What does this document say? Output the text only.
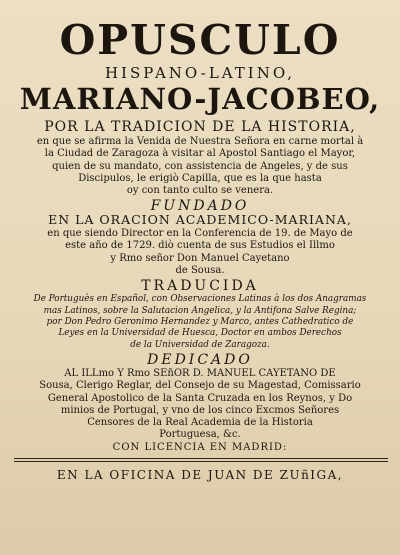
OPUSCULO
HISPANO-LATINO,
MARIANO-JACOBEO,
POR LA TRADICION DE LA HISTORIA,
en que se afirma la Venida de Nuestra Señora en carne mortal à
la Ciudad de Zaragoza à visitar al Apostol Santiago el Mayor,
quien de su mandato, con assistencia de Angeles, y de sus
Discipulos, le erigiò Capilla, que es la que hasta
oy con tanto culto se venera.
FUNDADO
EN LA ORACION ACADEMICO-MARIANA,
en que siendo Director en la Conferencia de 19. de Mayo de
este año de 1729. diò cuenta de sus Estudios el Illmo
y Rmo señor Don Manuel Cayetano
de Sousa.
TRADUCIDA
De Portuguès en Español, con Observaciones Latinas à los dos Anagramas
mas Latinos, sobre la Salutacion Angelica, y la Antifona Salve Regina;
por Don Pedro Geronimo Hernandez y Marco, antes Cathedratico de
Leyes en la Universidad de Huesca, Doctor en ambos Derechos
de la Universidad de Zaragoza.
DEDICADO
AL ILLmo Y Rmo SEñOR D. MANUEL CAYETANO DE
Sousa, Clerigo Reglar, del Consejo de su Magestad, Comissario
General Apostolico de la Santa Cruzada en los Reynos, y Do
minios de Portugal, y vno de los cinco Excmos Señores
Censores de la Real Academia de la Historia
Portuguesa, &c.
CON LICENCIA EN MADRID:
EN LA OFICINA DE JUAN DE ZUñIGA,
